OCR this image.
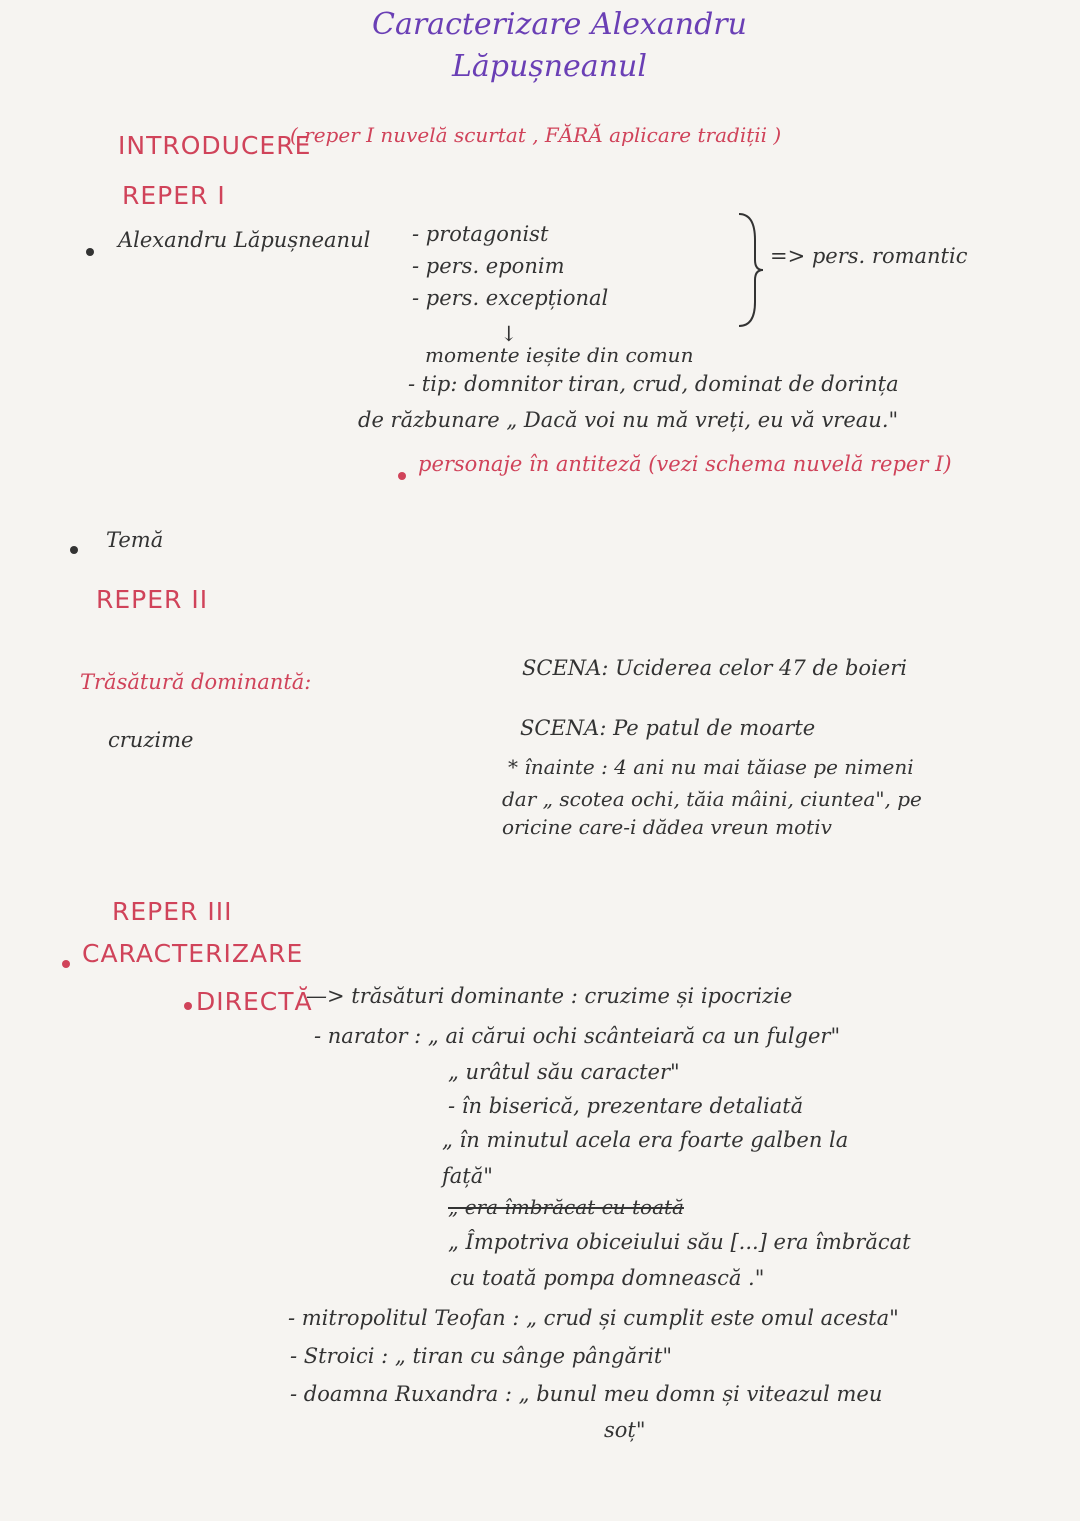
Caracterizare Alexandru
Lăpușneanul
INTRODUCERE
( reper I nuvelă scurtat , FĂRĂ aplicare tradiții )
REPER I
Alexandru Lăpușneanul - protagonist
- pers. eponim
- pers. excepțional
=> pers. romantic
↓
momente ieșite din comun
- tip: domnitor tiran, crud, dominat de dorința
de răzbunare „ Dacă voi nu mă vreți, eu vă vreau."
personaje în antiteză (vezi schema nuvelă reper I)
Temă
REPER II
Trăsătură dominantă:
cruzime
SCENA: Uciderea celor 47 de boieri
SCENA: Pe patul de moarte
* înainte : 4 ani nu mai tăiase pe nimeni
dar „ scotea ochi, tăia mâini, ciuntea", pe
oricine care-i dădea vreun motiv
REPER III
CARACTERIZARE
DIRECTĂ
—> trăsături dominante : cruzime și ipocrizie
- narator : „ ai cărui ochi scânteiară ca un fulger"
„ urâtul său caracter"
- în biserică, prezentare detaliată
„ în minutul acela era foarte galben la
față"
„ era îmbrăcat cu toată
„ Împotriva obiceiului său [...] era îmbrăcat
cu toată pompa domnească ."
- mitropolitul Teofan : „ crud și cumplit este omul acesta"
- Stroici : „ tiran cu sânge pângărit"
- doamna Ruxandra : „ bunul meu domn și viteazul meu
soț"
